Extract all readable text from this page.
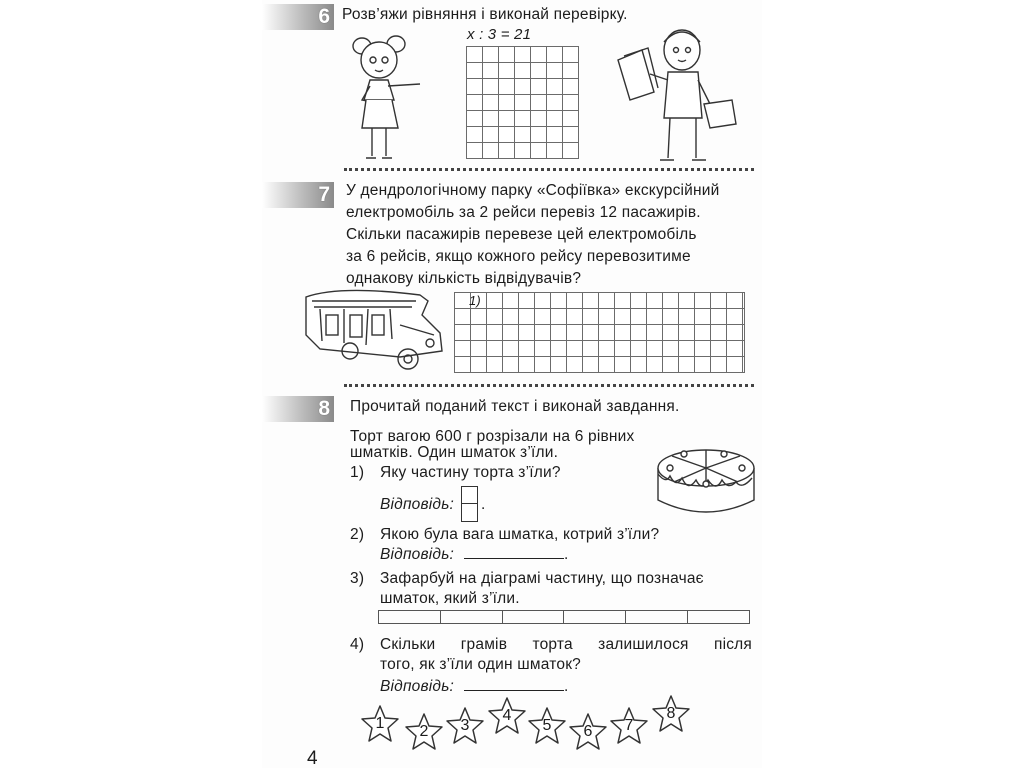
6 Розв’яжи рівняння і виконай перевірку.
x : 3 = 21
7 У дендрологічному парку «Софіївка» екскурсійний
електромобіль за 2 рейси перевіз 12 пасажирів.
Скільки пасажирів перевезе цей електромобіль
за 6 рейсів, якщо кожного рейсу перевозитиме
однакову кількість відвідувачів?
1)
8 Прочитай поданий текст і виконай завдання.
Торт вагою 600 г розрізали на 6 рівних
шматків. Один шматок з’їли.
1) Яку частину торта з’їли?
Відповідь: .
2) Якою була вага шматка, котрий з’їли?
Відповідь:	.
3) Зафарбуй на діаграмі частину, що позначає
шматок, який з’їли.
4) Скільки грамів торта залишилося після
того, як з’їли один шматок?
Відповідь:	.
1	2	3
4
5	6	7
8
4
